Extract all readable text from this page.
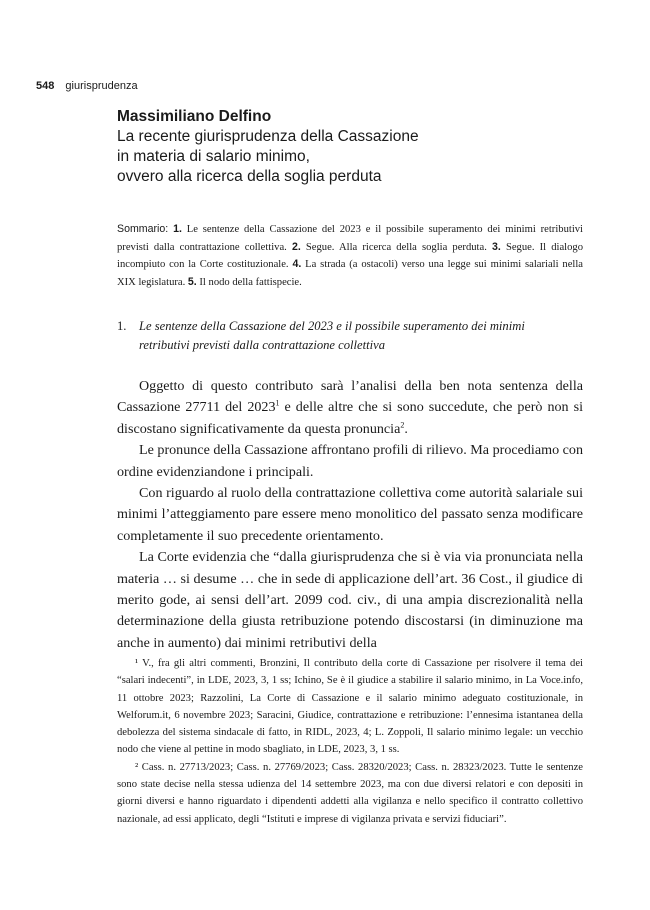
548 giurisprudenza
Massimiliano Delfino
La recente giurisprudenza della Cassazione
in materia di salario minimo,
ovvero alla ricerca della soglia perduta
Sommario: 1. Le sentenze della Cassazione del 2023 e il possibile superamento dei minimi retributivi previsti dalla contrattazione collettiva. 2. Segue. Alla ricerca della soglia perduta. 3. Segue. Il dialogo incompiuto con la Corte costituzionale. 4. La strada (a ostacoli) verso una legge sui minimi salariali nella XIX legislatura. 5. Il nodo della fattispecie.
1. Le sentenze della Cassazione del 2023 e il possibile superamento dei minimi
retributivi previsti dalla contrattazione collettiva

Oggetto di questo contributo sarà l’analisi della ben nota sentenza della Cassazione 27711 del 2023$^1$ e delle altre che si sono succedute, che però non si discostano significativamente da questa pronuncia$^2$.

Le pronunce della Cassazione affrontano profili di rilievo. Ma procediamo con ordine evidenziandone i principali.

Con riguardo al ruolo della contrattazione collettiva come autorità salariale sui minimi l’atteggiamento pare essere meno monolitico del passato senza modificare completamente il suo precedente orientamento.

La Corte evidenzia che “dalla giurisprudenza che si è via via pronunciata nella materia … si desume … che in sede di applicazione dell’art. 36 Cost., il giudice di merito gode, ai sensi dell’art. 2099 cod. civ., di una ampia discrezionalità nella determinazione della giusta retribuzione potendo discostarsi (in diminuzione ma anche in aumento) dai minimi retributivi della

¹ V., fra gli altri commenti, Bronzini, Il contributo della corte di Cassazione per risolvere il tema dei “salari indecenti”, in LDE, 2023, 3, 1 ss; Ichino, Se è il giudice a stabilire il salario minimo, in La Voce.info, 11 ottobre 2023; Razzolini, La Corte di Cassazione e il salario minimo adeguato costituzionale, in Welforum.it, 6 novembre 2023; Saracini, Giudice, contrattazione e retribuzione: l’ennesima istantanea della debolezza del sistema sindacale di fatto, in RIDL, 2023, 4; L. Zoppoli, Il salario minimo legale: un vecchio nodo che viene al pettine in modo sbagliato, in LDE, 2023, 3, 1 ss.

² Cass. n. 27713/2023; Cass. n. 27769/2023; Cass. 28320/2023; Cass. n. 28323/2023. Tutte le sentenze sono state decise nella stessa udienza del 14 settembre 2023, ma con due diversi relatori e con depositi in giorni diversi e hanno riguardato i dipendenti addetti alla vigilanza e nello specifico il contratto collettivo nazionale, ad essi applicato, degli “Istituti e imprese di vigilanza privata e servizi fiduciari”.
